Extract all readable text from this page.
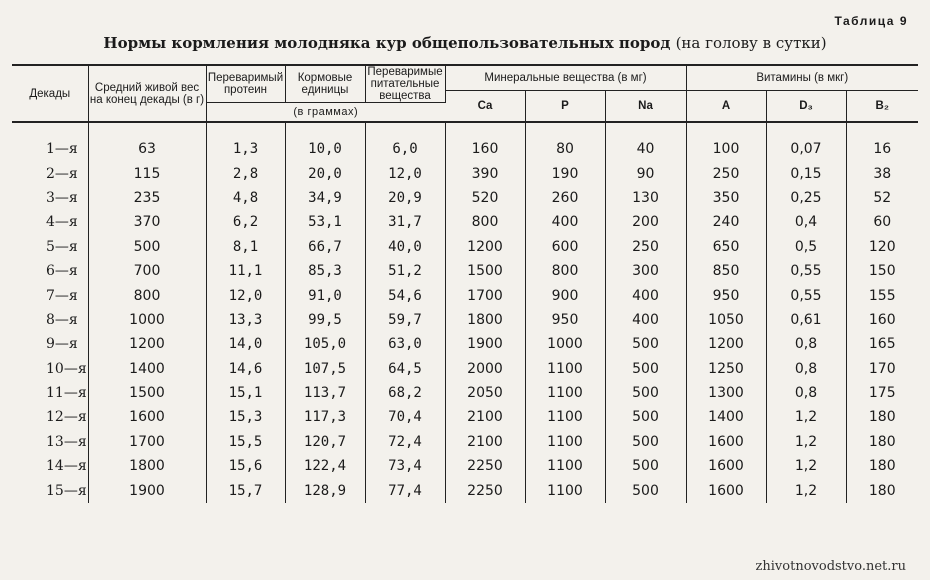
Таблица 9
Нормы кормления молодняка кур общепользовательных пород (на голову в сутки)
Декады	Средний живой вес на конец декады (в г)	Переваримый протеин	Кормовые единицы	Переваримые питательные вещества	Минеральные вещества (в мг)			Витамины (в мкг)		
					Ca	P	Na	A	D₃	B₂
		(в граммах)								
1—я	63	1,3	10,0	6,0	160	80	40	100	0,07	16
2—я	115	2,8	20,0	12,0	390	190	90	250	0,15	38
3—я	235	4,8	34,9	20,9	520	260	130	350	0,25	52
4—я	370	6,2	53,1	31,7	800	400	200	240	0,4	60
5—я	500	8,1	66,7	40,0	1200	600	250	650	0,5	120
6—я	700	11,1	85,3	51,2	1500	800	300	850	0,55	150
7—я	800	12,0	91,0	54,6	1700	900	400	950	0,55	155
8—я	1000	13,3	99,5	59,7	1800	950	400	1050	0,61	160
9—я	1200	14,0	105,0	63,0	1900	1000	500	1200	0,8	165
10—я	1400	14,6	107,5	64,5	2000	1100	500	1250	0,8	170
11—я	1500	15,1	113,7	68,2	2050	1100	500	1300	0,8	175
12—я	1600	15,3	117,3	70,4	2100	1100	500	1400	1,2	180
13—я	1700	15,5	120,7	72,4	2100	1100	500	1600	1,2	180
14—я	1800	15,6	122,4	73,4	2250	1100	500	1600	1,2	180
15—я	1900	15,7	128,9	77,4	2250	1100	500	1600	1,2	180
zhivotnovodstvo.net.ru
